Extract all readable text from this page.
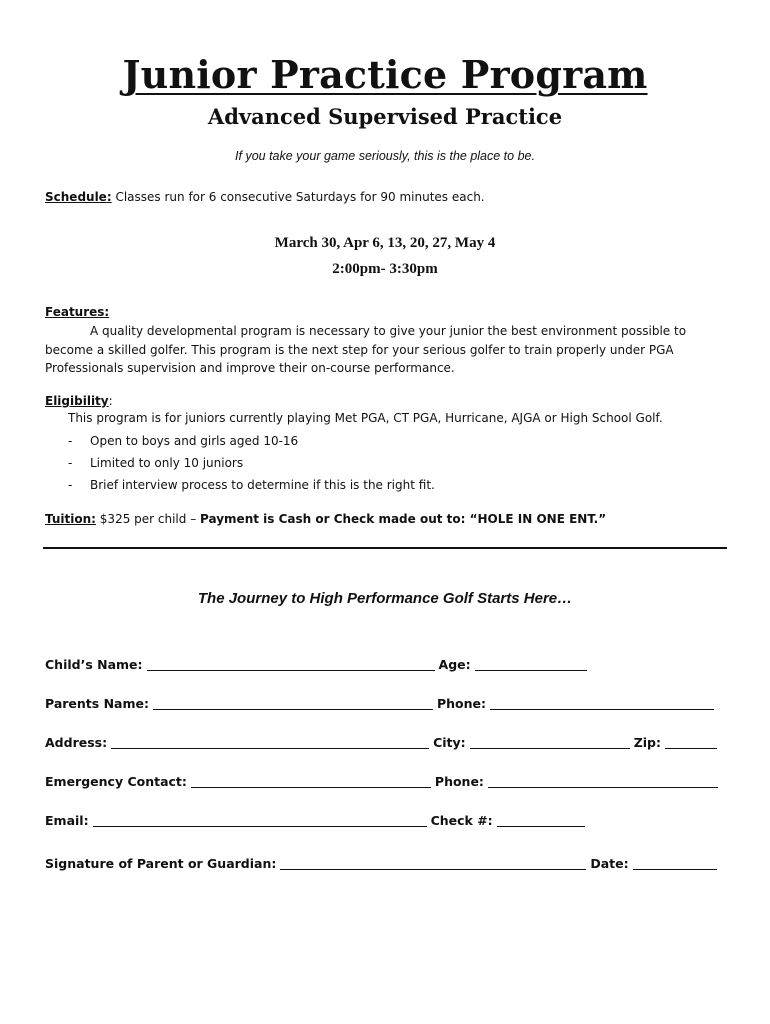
Junior Practice Program
Advanced Supervised Practice

If you take your game seriously, this is the place to be.

Schedule: Classes run for 6 consecutive Saturdays for 90 minutes each.
March 30, Apr 6, 13, 20, 27, May 4
2:00pm- 3:30pm
Features:
A quality developmental program is necessary to give your junior the best environment possible to become a skilled golfer. This program is the next step for your serious golfer to train properly under PGA Professionals supervision and improve their on-course performance.
Eligibility:
This program is for juniors currently playing Met PGA, CT PGA, Hurricane, AJGA or High School Golf.
- Open to boys and girls aged 10-16
- Limited to only 10 juniors
- Brief interview process to determine if this is the right fit.
Tuition: $325 per child – Payment is Cash or Check made out to: “HOLE IN ONE ENT.”
The Journey to High Performance Golf Starts Here…
Child’s Name:	Age:
Parents Name:	Phone:
Address:	City:	Zip:
Emergency Contact:	Phone:
Email:	Check #:
Signature of Parent or Guardian:	Date:
